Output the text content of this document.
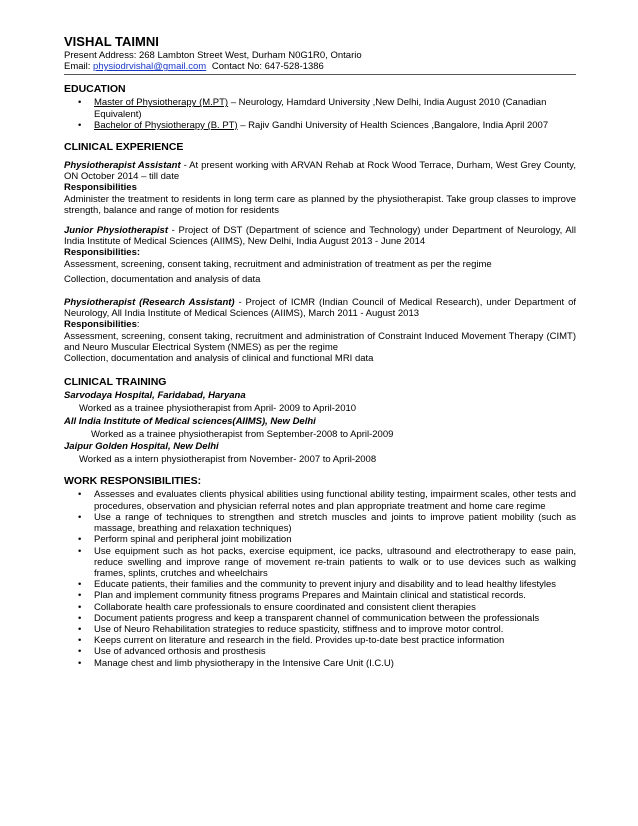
VISHAL TAIMNI

Present Address: 268 Lambton Street West, Durham N0G1R0, Ontario

Email: physiodrvishal@gmail.com Contact No: 647-528-1386

EDUCATION
• Master of Physiotherapy (M.PT) – Neurology, Hamdard University ,New Delhi, India August 2010 (Canadian Equivalent)
• Bachelor of Physiotherapy (B. PT) – Rajiv Gandhi University of Health Sciences ,Bangalore, India April 2007
CLINICAL EXPERIENCE
Physiotherapist Assistant - At present working with ARVAN Rehab at Rock Wood Terrace, Durham, West Grey County, ON October 2014 – till date
Responsibilities
Administer the treatment to residents in long term care as planned by the physiotherapist. Take group classes to improve strength, balance and range of motion for residents
Junior Physiotherapist - Project of DST (Department of science and Technology) under Department of Neurology, All India Institute of Medical Sciences (AIIMS), New Delhi, India August 2013 - June 2014
Responsibilities:
Assessment, screening, consent taking, recruitment and administration of treatment as per the regime
Collection, documentation and analysis of data
Physiotherapist (Research Assistant) - Project of ICMR (Indian Council of Medical Research), under Department of Neurology, All India Institute of Medical Sciences (AIIMS), March 2011 - August 2013
Responsibilities:
Assessment, screening, consent taking, recruitment and administration of Constraint Induced Movement Therapy (CIMT) and Neuro Muscular Electrical System (NMES) as per the regime
Collection, documentation and analysis of clinical and functional MRI data
CLINICAL TRAINING
Sarvodaya Hospital, Faridabad, Haryana
Worked as a trainee physiotherapist from April- 2009 to April-2010
All India Institute of Medical sciences(AIIMS), New Delhi
Worked as a trainee physiotherapist from September-2008 to April-2009
Jaipur Golden Hospital, New Delhi
Worked as a intern physiotherapist from November- 2007 to April-2008
WORK RESPONSIBILITIES:
• Assesses and evaluates clients physical abilities using functional ability testing, impairment scales, other tests and procedures, observation and physician referral notes and plan appropriate treatment and home care regime
• Use a range of techniques to strengthen and stretch muscles and joints to improve patient mobility (such as massage, breathing and relaxation techniques)
• Perform spinal and peripheral joint mobilization
• Use equipment such as hot packs, exercise equipment, ice packs, ultrasound and electrotherapy to ease pain, reduce swelling and improve range of movement re-train patients to walk or to use devices such as walking frames, splints, crutches and wheelchairs
• Educate patients, their families and the community to prevent injury and disability and to lead healthy lifestyles
• Plan and implement community fitness programs Prepares and Maintain clinical and statistical records.
• Collaborate health care professionals to ensure coordinated and consistent client therapies
• Document patients progress and keep a transparent channel of communication between the professionals
• Use of Neuro Rehabilitation strategies to reduce spasticity, stiffness and to improve motor control.
• Keeps current on literature and research in the field. Provides up-to-date best practice information
• Use of advanced orthosis and prosthesis
• Manage chest and limb physiotherapy in the Intensive Care Unit (I.C.U)
